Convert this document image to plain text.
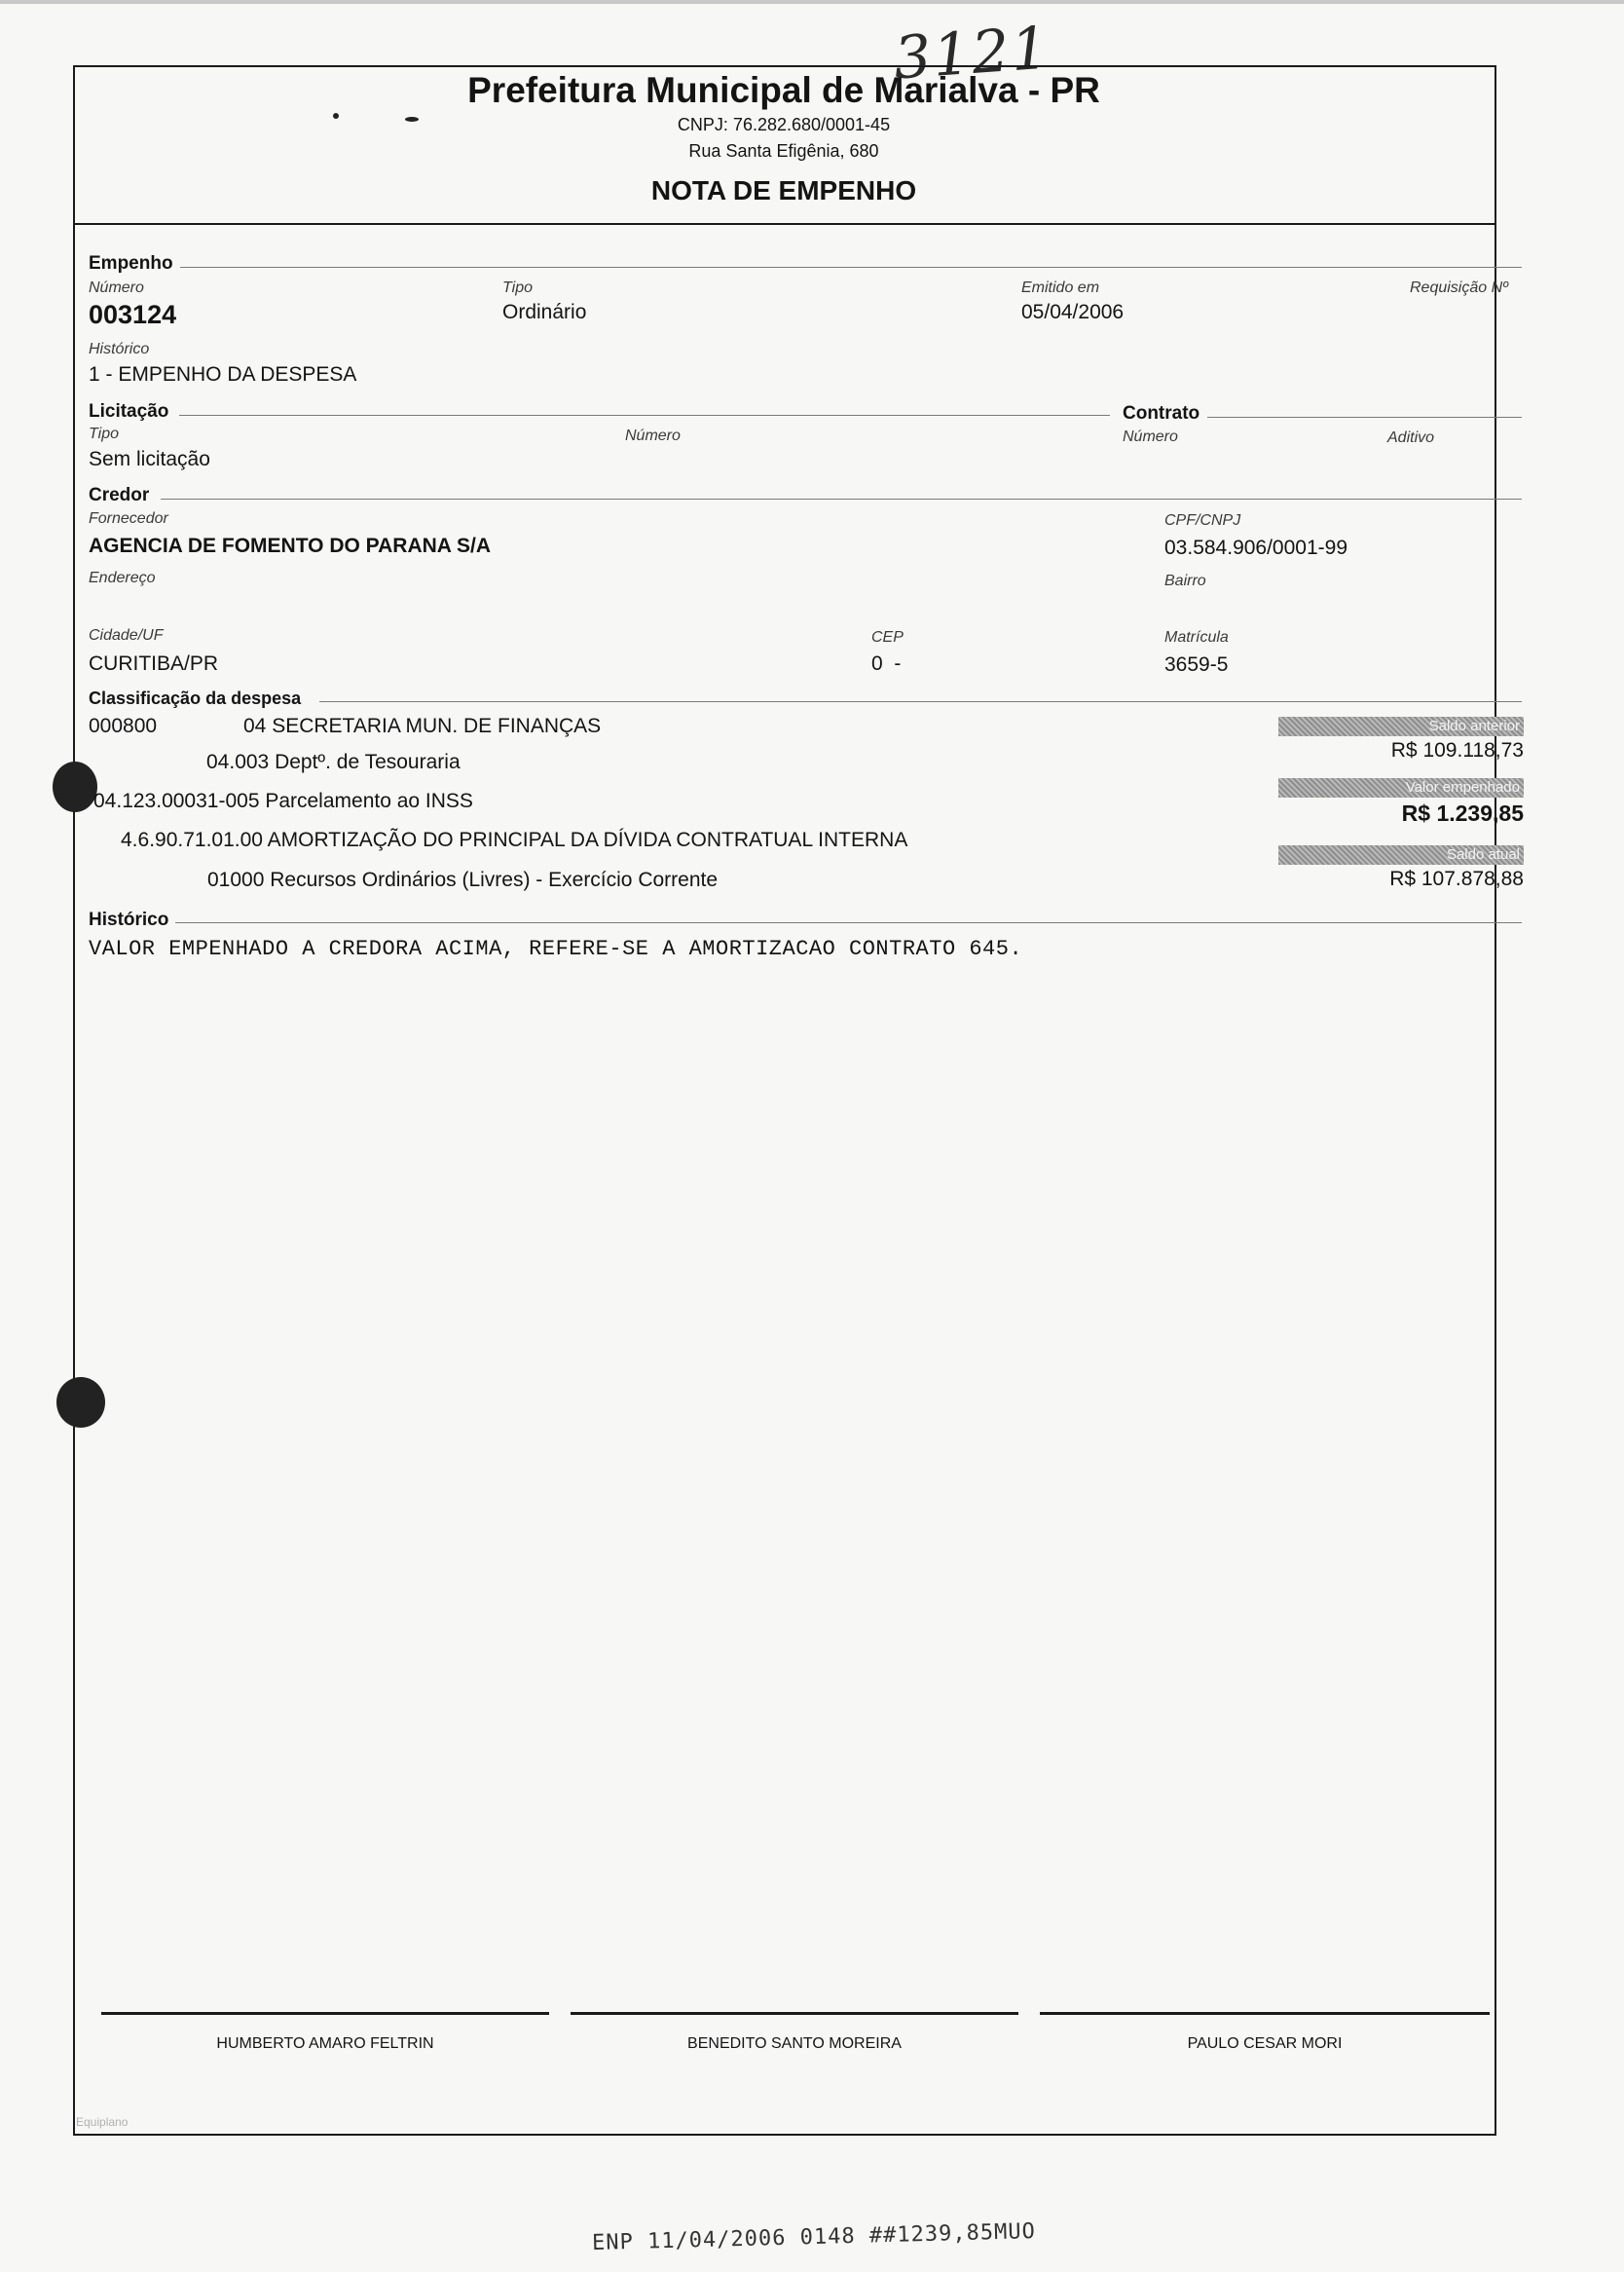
3121
Prefeitura Municipal de Marialva - PR
CNPJ: 76.282.680/0001-45
Rua Santa Efigênia, 680
NOTA DE EMPENHO
Empenho
Número
003124
Tipo
Ordinário
Emitido em
05/04/2006
Requisição Nº
Histórico
1 - EMPENHO DA DESPESA
Licitação	Contrato
Tipo
Sem licitação
Número	Número	Aditivo
Credor
Fornecedor
AGENCIA DE FOMENTO DO PARANA S/A
CPF/CNPJ
03.584.906/0001-99
Endereço	Bairro
Cidade/UF
CURITIBA/PR
CEP
0  -
Matrícula
3659-5
Classificação da despesa
000800	04 SECRETARIA MUN. DE FINANÇAS
04.003 Deptº. de Tesouraria
04.123.00031-005 Parcelamento ao INSS
4.6.90.71.01.00 AMORTIZAÇÃO DO PRINCIPAL DA DÍVIDA CONTRATUAL INTERNA
01000 Recursos Ordinários (Livres) - Exercício Corrente
Saldo anterior
R$ 109.118,73
Valor empenhado
R$ 1.239,85
Saldo atual
R$ 107.878,88
Histórico
VALOR EMPENHADO A CREDORA ACIMA, REFERE-SE A AMORTIZACAO CONTRATO 645.
HUMBERTO AMARO FELTRIN	BENEDITO SANTO MOREIRA	PAULO CESAR MORI
Equiplano
ENP 11/04/2006 0148 ##1239,85MUO
